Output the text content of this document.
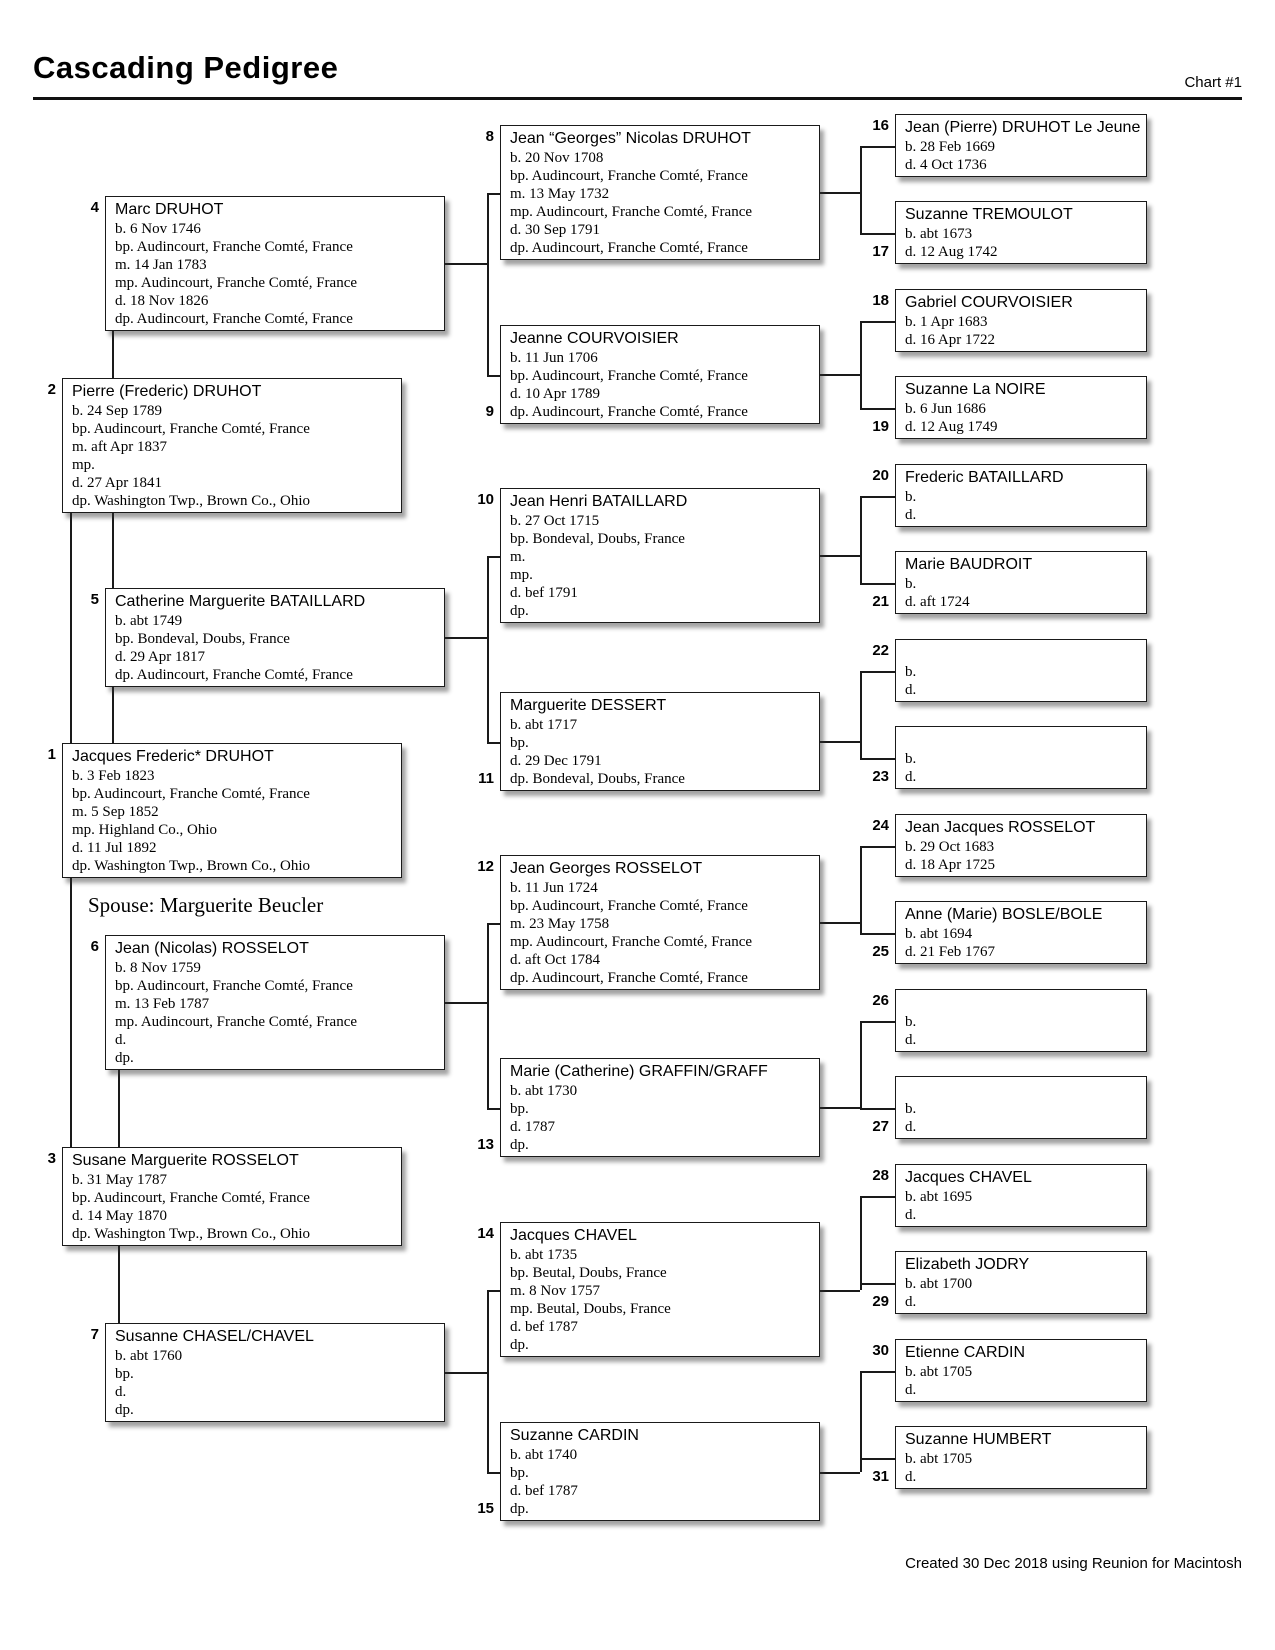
Cascading Pedigree	Chart #1
Spouse: Marguerite Beucler
Created 30 Dec 2018 using Reunion for Macintosh
Jacques Frederic* DRUHOT
b. 3 Feb 1823
bp. Audincourt, Franche Comté, France
m. 5 Sep 1852
mp. Highland Co., Ohio
d. 11 Jul 1892
dp. Washington Twp., Brown Co., Ohio
1
Pierre (Frederic) DRUHOT
b. 24 Sep 1789
bp. Audincourt, Franche Comté, France
m. aft Apr 1837
mp.
d. 27 Apr 1841
dp. Washington Twp., Brown Co., Ohio
2
Susane Marguerite ROSSELOT
b. 31 May 1787
bp. Audincourt, Franche Comté, France
d. 14 May 1870
dp. Washington Twp., Brown Co., Ohio
3
Marc DRUHOT
b. 6 Nov 1746
bp. Audincourt, Franche Comté, France
m. 14 Jan 1783
mp. Audincourt, Franche Comté, France
d. 18 Nov 1826
dp. Audincourt, Franche Comté, France
4
Catherine Marguerite BATAILLARD
b. abt 1749
bp. Bondeval, Doubs, France
d. 29 Apr 1817
dp. Audincourt, Franche Comté, France
5
Jean (Nicolas) ROSSELOT
b. 8 Nov 1759
bp. Audincourt, Franche Comté, France
m. 13 Feb 1787
mp. Audincourt, Franche Comté, France
d.
dp.
6
Susanne CHASEL/CHAVEL
b. abt 1760
bp.
d.
dp.
7
Jean “Georges” Nicolas DRUHOT
b. 20 Nov 1708
bp. Audincourt, Franche Comté, France
m. 13 May 1732
mp. Audincourt, Franche Comté, France
d. 30 Sep 1791
dp. Audincourt, Franche Comté, France
8
Jeanne COURVOISIER
b. 11 Jun 1706
bp. Audincourt, Franche Comté, France
d. 10 Apr 1789
dp. Audincourt, Franche Comté, France
9
Jean Henri BATAILLARD
b. 27 Oct 1715
bp. Bondeval, Doubs, France
m.
mp.
d. bef 1791
dp.
10
Marguerite DESSERT
b. abt 1717
bp.
d. 29 Dec 1791
dp. Bondeval, Doubs, France
11
Jean Georges ROSSELOT
b. 11 Jun 1724
bp. Audincourt, Franche Comté, France
m. 23 May 1758
mp. Audincourt, Franche Comté, France
d. aft Oct 1784
dp. Audincourt, Franche Comté, France
12
Marie (Catherine) GRAFFIN/GRAFF
b. abt 1730
bp.
d. 1787
dp.
13
Jacques CHAVEL
b. abt 1735
bp. Beutal, Doubs, France
m. 8 Nov 1757
mp. Beutal, Doubs, France
d. bef 1787
dp.
14
Suzanne CARDIN
b. abt 1740
bp.
d. bef 1787
dp.
15
Jean (Pierre) DRUHOT Le Jeune
b. 28 Feb 1669
d. 4 Oct 1736
16
Suzanne TREMOULOT
b. abt 1673
d. 12 Aug 1742
17
Gabriel COURVOISIER
b. 1 Apr 1683
d. 16 Apr 1722
18
Suzanne La NOIRE
b. 6 Jun 1686
d. 12 Aug 1749
19
Frederic BATAILLARD
b.
d.
20
Marie BAUDROIT
b.
d. aft 1724
21
b.
d.
22
b.
d.
23
Jean Jacques ROSSELOT
b. 29 Oct 1683
d. 18 Apr 1725
24
Anne (Marie) BOSLE/BOLE
b. abt 1694
d. 21 Feb 1767
25
b.
d.
26
b.
d.
27
Jacques CHAVEL
b. abt 1695
d.
28
Elizabeth JODRY
b. abt 1700
d.
29
Etienne CARDIN
b. abt 1705
d.
30
Suzanne HUMBERT
b. abt 1705
d.
31
